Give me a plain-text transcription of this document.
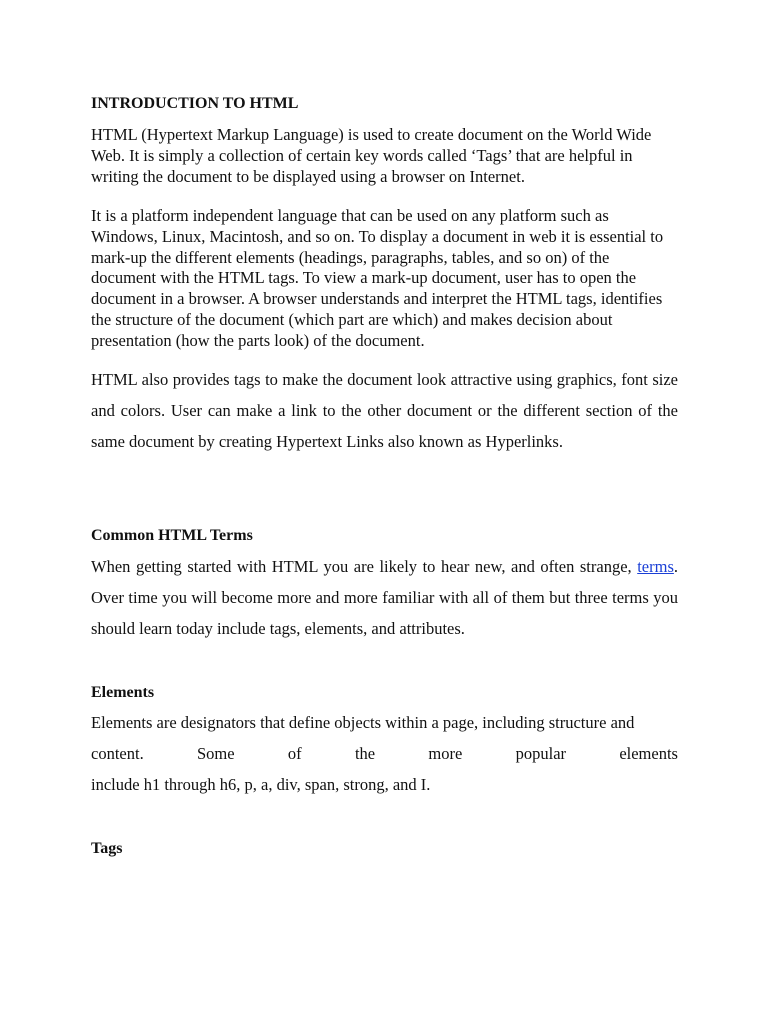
INTRODUCTION TO HTML

HTML (Hypertext Markup Language) is used to create document on the World Wide Web. It is simply a collection of certain key words called ‘Tags’ that are helpful in writing the document to be displayed using a browser on Internet.

It is a platform independent language that can be used on any platform such as Windows, Linux, Macintosh, and so on. To display a document in web it is essential to mark-up the different elements (headings, paragraphs, tables, and so on) of the document with the HTML tags. To view a mark-up document, user has to open the document in a browser. A browser understands and interpret the HTML tags, identifies the structure of the document (which part are which) and makes decision about presentation (how the parts look) of the document.

HTML also provides tags to make the document look attractive using graphics, font size and colors. User can make a link to the other document or the different section of the same document by creating Hypertext Links also known as Hyperlinks.

Common HTML Terms

When getting started with HTML you are likely to hear new, and often strange, terms. Over time you will become more and more familiar with all of them but three terms you should learn today include tags, elements, and attributes.

Elements
Elements are designators that define objects within a page, including structure and
content.	Some	of	the	more	popular	elements
include h1 through h6, p, a, div, span, strong, and I.
Tags
